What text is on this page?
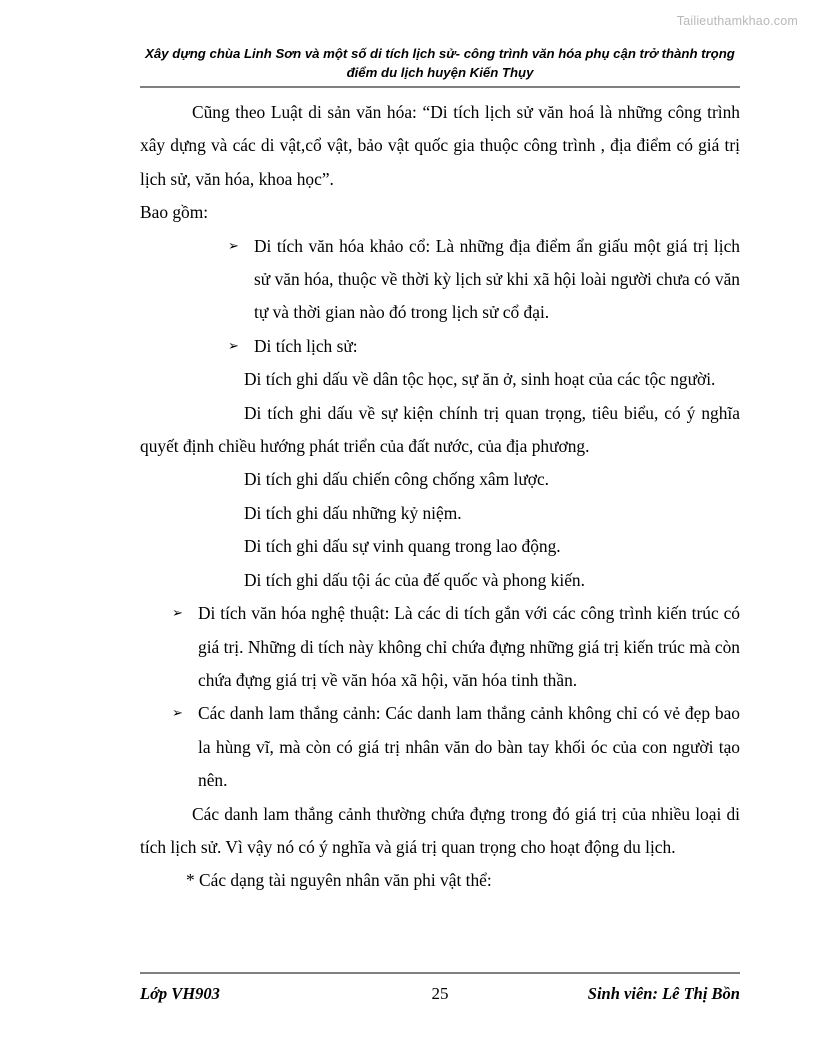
Tailieuthamkhao.com

Xây dựng chùa Linh Sơn và một số di tích lịch sử- công trình văn hóa phụ cận trở thành trọng điểm du lịch huyện Kiến Thụy

Cũng theo Luật di sản văn hóa: “Di tích lịch sử văn hoá là những công trình xây dựng và các di vật,cổ vật, bảo vật quốc gia thuộc công trình , địa điểm có giá trị lịch sử, văn hóa, khoa học”.

Bao gồm:

➢ Di tích văn hóa khảo cổ: Là những địa điểm ẩn giấu một giá trị lịch sử văn hóa, thuộc về thời kỳ lịch sử khi xã hội loài người chưa có văn tự và thời gian nào đó trong lịch sử cổ đại.
➢ Di tích lịch sử:

Di tích ghi dấu về dân tộc học, sự ăn ở, sinh hoạt của các tộc người.

Di tích ghi dấu về sự kiện chính trị quan trọng, tiêu biểu, có ý nghĩa quyết định chiều hướng phát triển của đất nước, của địa phương.

Di tích ghi dấu chiến công chống xâm lược.

Di tích ghi dấu những kỷ niệm.

Di tích ghi dấu sự vinh quang trong lao động.

Di tích ghi dấu tội ác của đế quốc và phong kiến.

➢ Di tích văn hóa nghệ thuật: Là các di tích gắn với các công trình kiến trúc có giá trị. Những di tích này không chỉ chứa đựng những giá trị kiến trúc mà còn chứa đựng giá trị về văn hóa xã hội, văn hóa tinh thần.
➢ Các danh lam thắng cảnh: Các danh lam thắng cảnh không chỉ có vẻ đẹp bao la hùng vĩ, mà còn có giá trị nhân văn do bàn tay khối óc của con người tạo nên.

Các danh lam thắng cảnh thường chứa đựng trong đó giá trị của nhiều loại di tích lịch sử. Vì vậy nó có ý nghĩa và giá trị quan trọng cho hoạt động du lịch.

* Các dạng tài nguyên nhân văn phi vật thể:

Lớp VH903	25	Sinh viên: Lê Thị Bồn
